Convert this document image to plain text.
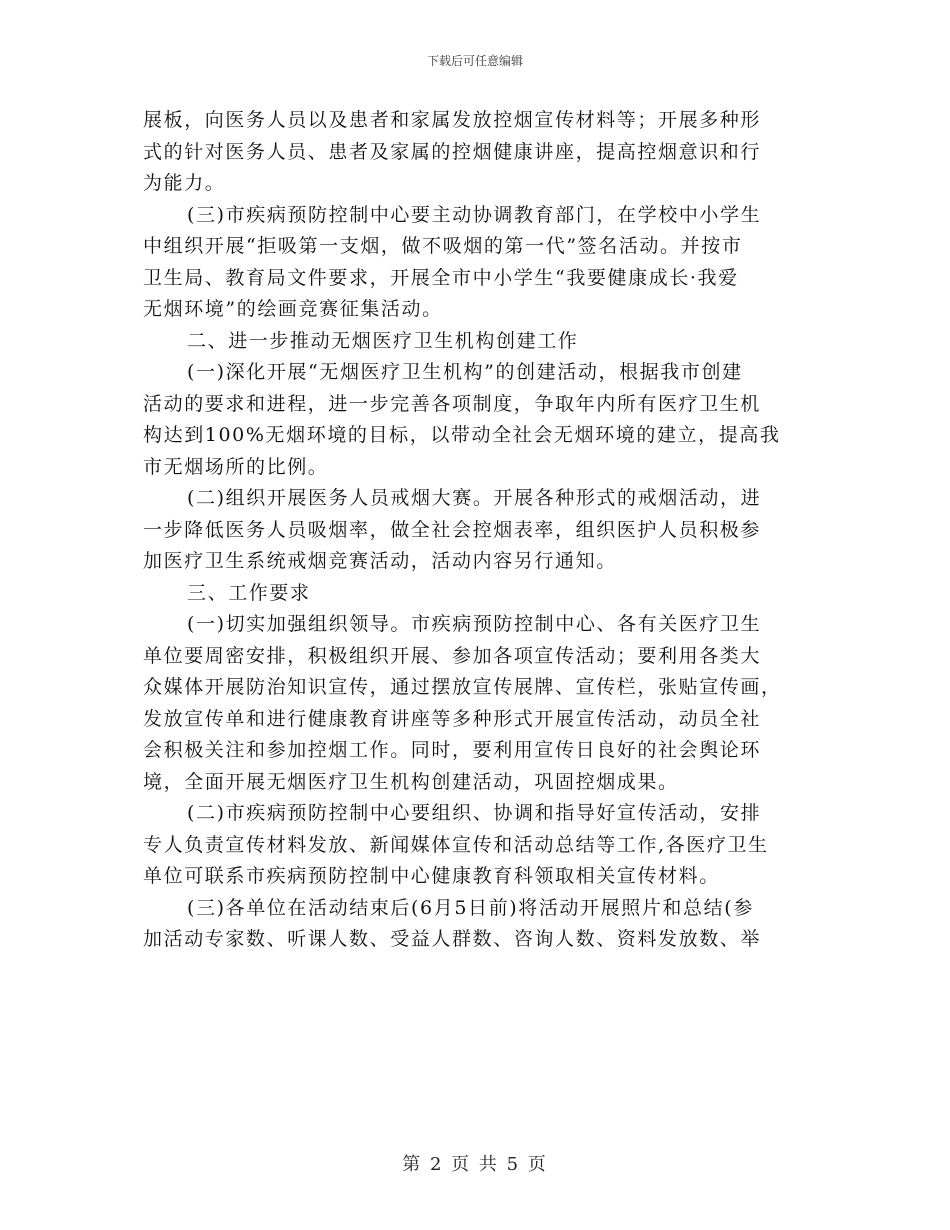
下载后可任意编辑
展板，向医务人员以及患者和家属发放控烟宣传材料等；开展多种形
式的针对医务人员、患者及家属的控烟健康讲座，提高控烟意识和行
为能力。
(三)市疾病预防控制中心要主动协调教育部门，在学校中小学生
中组织开展“拒吸第一支烟，做不吸烟的第一代”签名活动。并按市
卫生局、教育局文件要求，开展全市中小学生“我要健康成长·我爱
无烟环境”的绘画竞赛征集活动。
二、进一步推动无烟医疗卫生机构创建工作
(一)深化开展“无烟医疗卫生机构”的创建活动，根据我市创建
活动的要求和进程，进一步完善各项制度，争取年内所有医疗卫生机
构达到100%无烟环境的目标，以带动全社会无烟环境的建立，提高我
市无烟场所的比例。
(二)组织开展医务人员戒烟大赛。开展各种形式的戒烟活动，进
一步降低医务人员吸烟率，做全社会控烟表率，组织医护人员积极参
加医疗卫生系统戒烟竞赛活动，活动内容另行通知。
三、工作要求
(一)切实加强组织领导。市疾病预防控制中心、各有关医疗卫生
单位要周密安排，积极组织开展、参加各项宣传活动；要利用各类大
众媒体开展防治知识宣传，通过摆放宣传展牌、宣传栏，张贴宣传画，
发放宣传单和进行健康教育讲座等多种形式开展宣传活动，动员全社
会积极关注和参加控烟工作。同时，要利用宣传日良好的社会舆论环
境，全面开展无烟医疗卫生机构创建活动，巩固控烟成果。
(二)市疾病预防控制中心要组织、协调和指导好宣传活动，安排
专人负责宣传材料发放、新闻媒体宣传和活动总结等工作,各医疗卫生
单位可联系市疾病预防控制中心健康教育科领取相关宣传材料。
(三)各单位在活动结束后(6月5日前)将活动开展照片和总结(参
加活动专家数、听课人数、受益人群数、咨询人数、资料发放数、举
第 2 页 共 5 页
